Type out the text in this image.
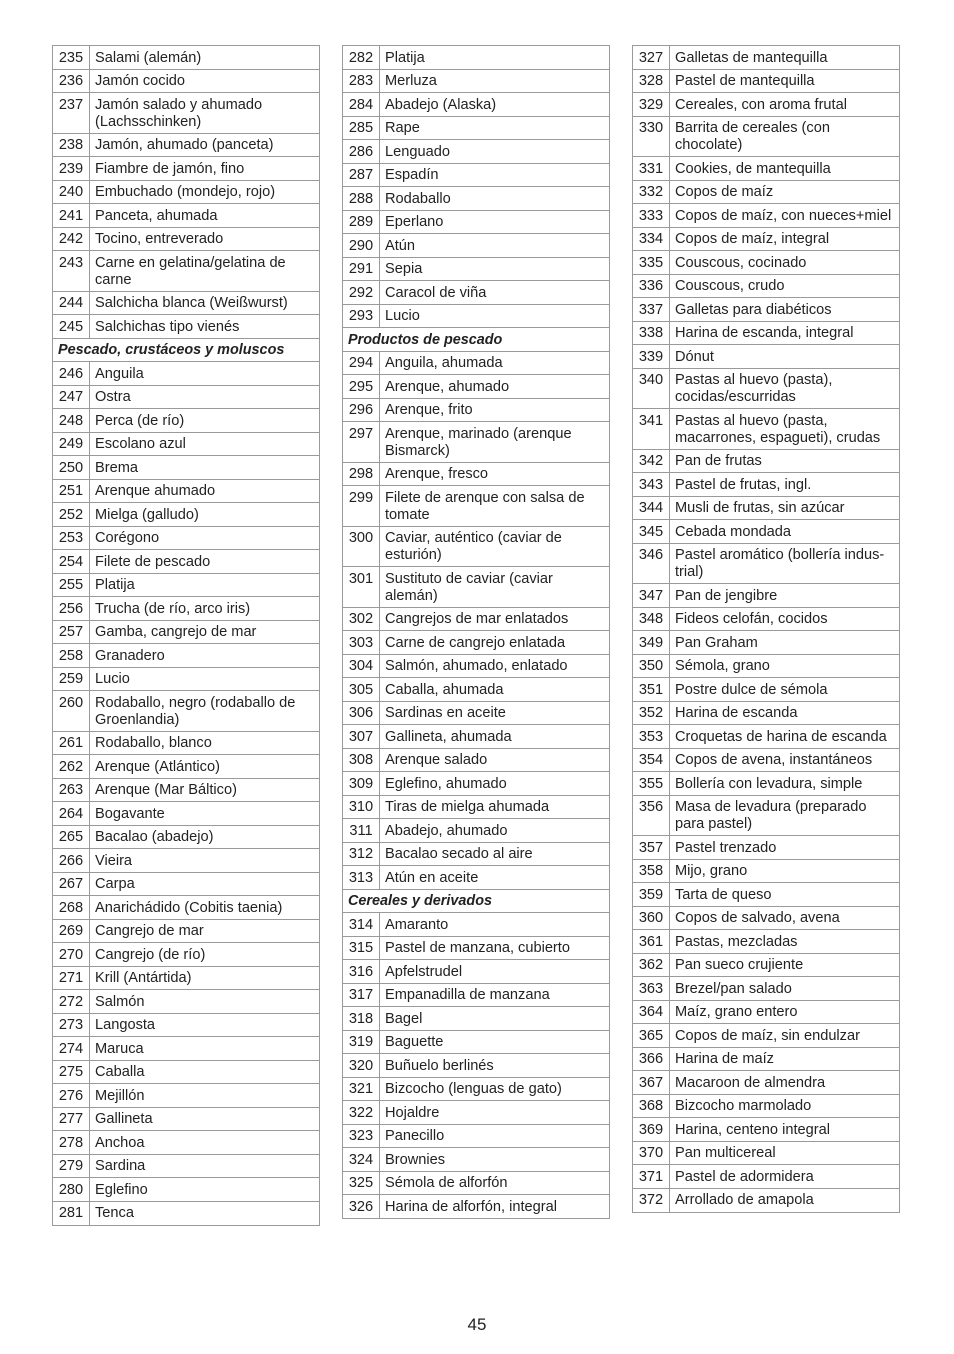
235 Salami (alemán)
236 Jamón cocido
237 Jamón salado y ahumado (Lachsschinken)
238 Jamón, ahumado (panceta)
239 Fiambre de jamón, fino
240 Embuchado (mondejo, rojo)
241 Panceta, ahumada
242 Tocino, entreverado
243 Carne en gelatina/gelatina de carne
244 Salchicha blanca (Weißwurst)
245 Salchichas tipo vienés
Pescado, crustáceos y moluscos
246 Anguila
247 Ostra
248 Perca (de río)
249 Escolano azul
250 Brema
251 Arenque ahumado
252 Mielga (galludo)
253 Corégono
254 Filete de pescado
255 Platija
256 Trucha (de río, arco iris)
257 Gamba, cangrejo de mar
258 Granadero
259 Lucio
260 Rodaballo, negro (rodaballo de Groenlandia)
261 Rodaballo, blanco
262 Arenque (Atlántico)
263 Arenque (Mar Báltico)
264 Bogavante
265 Bacalao (abadejo)
266 Vieira
267 Carpa
268 Anarichádido (Cobitis taenia)
269 Cangrejo de mar
270 Cangrejo (de río)
271 Krill (Antártida)
272 Salmón
273 Langosta
274 Maruca
275 Caballa
276 Mejillón
277 Gallineta
278 Anchoa
279 Sardina
280 Eglefino
281 Tenca
282 Platija
283 Merluza
284 Abadejo (Alaska)
285 Rape
286 Lenguado
287 Espadín
288 Rodaballo
289 Eperlano
290 Atún
291 Sepia
292 Caracol de viña
293 Lucio
Productos de pescado
294 Anguila, ahumada
295 Arenque, ahumado
296 Arenque, frito
297 Arenque, marinado (arenque Bismarck)
298 Arenque, fresco
299 Filete de arenque con salsa de tomate
300 Caviar, auténtico (caviar de esturión)
301 Sustituto de caviar (caviar alemán)
302 Cangrejos de mar enlatados
303 Carne de cangrejo enlatada
304 Salmón, ahumado, enlatado
305 Caballa, ahumada
306 Sardinas en aceite
307 Gallineta, ahumada
308 Arenque salado
309 Eglefino, ahumado
310 Tiras de mielga ahumada
311 Abadejo, ahumado
312 Bacalao secado al aire
313 Atún en aceite
Cereales y derivados
314 Amaranto
315 Pastel de manzana, cubierto
316 Apfelstrudel
317 Empanadilla de manzana
318 Bagel
319 Baguette
320 Buñuelo berlinés
321 Bizcocho (lenguas de gato)
322 Hojaldre
323 Panecillo
324 Brownies
325 Sémola de alforfón
326 Harina de alforfón, integral
327 Galletas de mantequilla
328 Pastel de mantequilla
329 Cereales, con aroma frutal
330 Barrita de cereales (con chocolate)
331 Cookies, de mantequilla
332 Copos de maíz
333 Copos de maíz, con nueces+miel
334 Copos de maíz, integral
335 Couscous, cocinado
336 Couscous, crudo
337 Galletas para diabéticos
338 Harina de escanda, integral
339 Dónut
340 Pastas al huevo (pasta), cocidas/escurridas
341 Pastas al huevo (pasta, macarrones, espagueti), crudas
342 Pan de frutas
343 Pastel de frutas, ingl.
344 Musli de frutas, sin azúcar
345 Cebada mondada
346 Pastel aromático (bollería indus-trial)
347 Pan de jengibre
348 Fideos celofán, cocidos
349 Pan Graham
350 Sémola, grano
351 Postre dulce de sémola
352 Harina de escanda
353 Croquetas de harina de escanda
354 Copos de avena, instantáneos
355 Bollería con levadura, simple
356 Masa de levadura (preparado para pastel)
357 Pastel trenzado
358 Mijo, grano
359 Tarta de queso
360 Copos de salvado, avena
361 Pastas, mezcladas
362 Pan sueco crujiente
363 Brezel/pan salado
364 Maíz, grano entero
365 Copos de maíz, sin endulzar
366 Harina de maíz
367 Macaroon de almendra
368 Bizcocho marmolado
369 Harina, centeno integral
370 Pan multicereal
371 Pastel de adormidera
372 Arrollado de amapola
45
